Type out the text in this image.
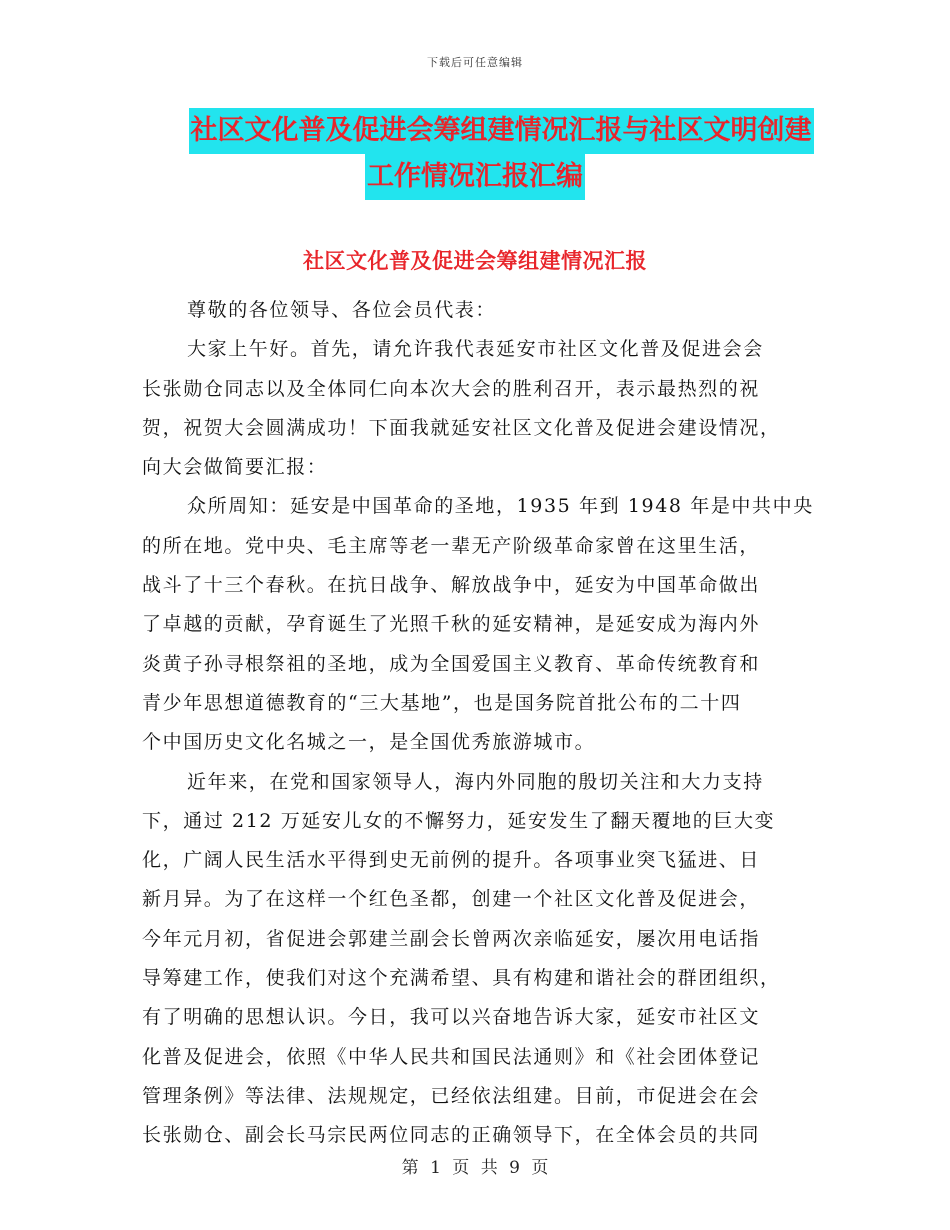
下载后可任意编辑
社区文化普及促进会筹组建情况汇报与社区文明创建
工作情况汇报汇编
社区文化普及促进会筹组建情况汇报
尊敬的各位领导、各位会员代表：
大家上午好。首先，请允许我代表延安市社区文化普及促进会会
长张勋仓同志以及全体同仁向本次大会的胜利召开，表示最热烈的祝
贺，祝贺大会圆满成功！下面我就延安社区文化普及促进会建设情况，
向大会做简要汇报：
众所周知：延安是中国革命的圣地，1935 年到 1948 年是中共中央
的所在地。党中央、毛主席等老一辈无产阶级革命家曾在这里生活，
战斗了十三个春秋。在抗日战争、解放战争中，延安为中国革命做出
了卓越的贡献，孕育诞生了光照千秋的延安精神，是延安成为海内外
炎黄子孙寻根祭祖的圣地，成为全国爱国主义教育、革命传统教育和
青少年思想道德教育的“三大基地”，也是国务院首批公布的二十四
个中国历史文化名城之一，是全国优秀旅游城市。
近年来，在党和国家领导人，海内外同胞的殷切关注和大力支持
下，通过 212 万延安儿女的不懈努力，延安发生了翻天覆地的巨大变
化，广阔人民生活水平得到史无前例的提升。各项事业突飞猛进、日
新月异。为了在这样一个红色圣都，创建一个社区文化普及促进会，
今年元月初，省促进会郭建兰副会长曾两次亲临延安，屡次用电话指
导筹建工作，使我们对这个充满希望、具有构建和谐社会的群团组织，
有了明确的思想认识。今日，我可以兴奋地告诉大家，延安市社区文
化普及促进会，依照《中华人民共和国民法通则》和《社会团体登记
管理条例》等法律、法规规定，已经依法组建。目前，市促进会在会
长张勋仓、副会长马宗民两位同志的正确领导下，在全体会员的共同
第 1 页 共 9 页
